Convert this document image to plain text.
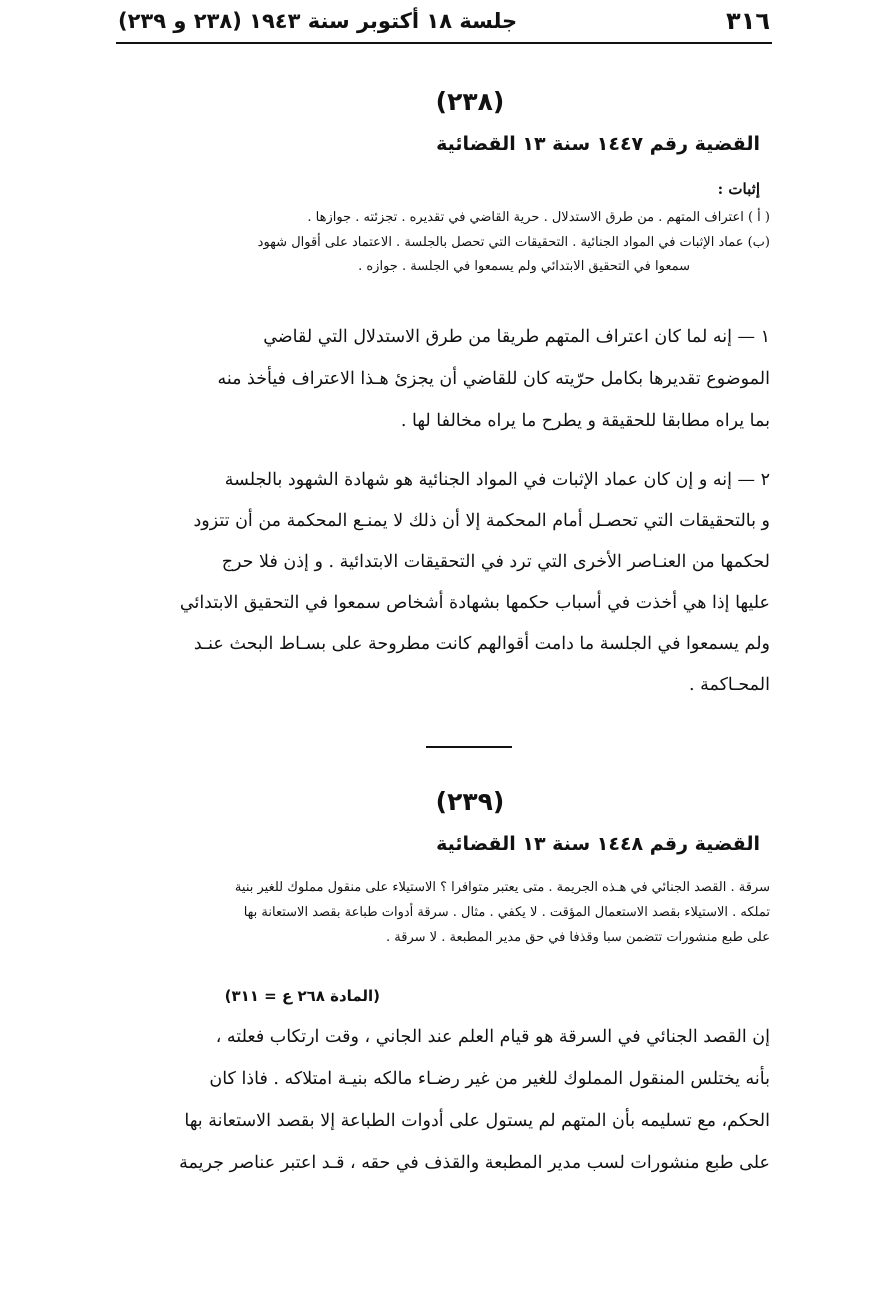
٣١٦
جلسة ١٨ أكتوبر سنة ١٩٤٣ (٢٣٨ و ٢٣٩)
(٢٣٨)
القضية رقم ١٤٤٧ سنة ١٣ القضائية
إثبات :
( أ ) اعتراف المتهم . من طرق الاستدلال . حرية القاضي في تقديره . تجزئته . جوازها .
(ب) عماد الإثبات في المواد الجنائية . التحقيقات التي تحصل بالجلسة . الاعتماد على أقوال شهود
سمعوا في التحقيق الابتدائي ولم يسمعوا في الجلسة . جوازه .
١ — إنه لما كان اعتراف المتهم طريقا من طرق الاستدلال التي لقاضي
الموضوع تقديرها بكامل حرّيته كان للقاضي أن يجزئ هـذا الاعتراف فيأخذ منه
بما يراه مطابقا للحقيقة و يطرح ما يراه مخالفا لها .
٢ — إنه و إن كان عماد الإثبات في المواد الجنائية هو شهادة الشهود بالجلسة
و بالتحقيقات التي تحصـل أمام المحكمة إلا أن ذلك لا يمنـع المحكمة من أن تتزود
لحكمها من العنـاصر الأخرى التي ترد في التحقيقات الابتدائية . و إذن فلا حرج
عليها إذا هي أخذت في أسباب حكمها بشهادة أشخاص سمعوا في التحقيق الابتدائي
ولم يسمعوا في الجلسة ما دامت أقوالهم كانت مطروحة على بسـاط البحث عنـد
المحـاكمة .
(٢٣٩)
القضية رقم ١٤٤٨ سنة ١٣ القضائية
سرقة . القصد الجنائي في هـذه الجريمة . متى يعتبر متوافرا ؟ الاستيلاء على منقول مملوك للغير بنية
تملكه . الاستيلاء بقصد الاستعمال المؤقت . لا يكفي . مثال . سرقة أدوات طباعة بقصد الاستعانة بها
على طبع منشورات تتضمن سبا وقذفا في حق مدير المطبعة . لا سرقة .
(المادة ٢٦٨ ع = ٣١١)
إن القصد الجنائي في السرقة هو قيام العلم عند الجاني ، وقت ارتكاب فعلته ،
بأنه يختلس المنقول المملوك للغير من غير رضـاء مالكه بنيـة امتلاكه . فاذا كان
الحكم، مع تسليمه بأن المتهم لم يستول على أدوات الطباعة إلا بقصد الاستعانة بها
على طبع منشورات لسب مدير المطبعة والقذف في حقه ، قـد اعتبر عناصر جريمة
